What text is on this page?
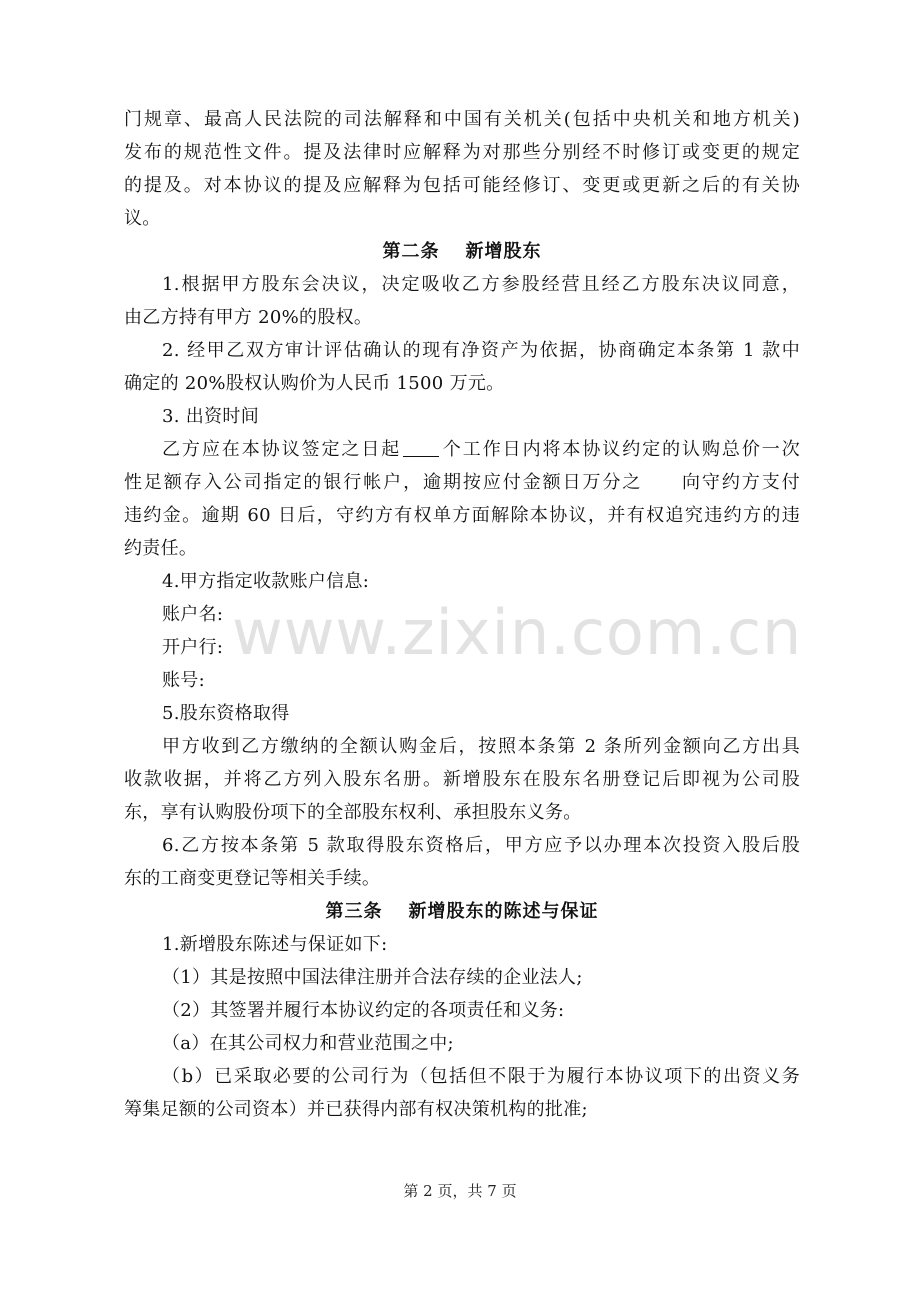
门规章、最高人民法院的司法解释和中国有关机关(包括中央机关和地方机关)
发布的规范性文件。提及法律时应解释为对那些分别经不时修订或变更的规定
的提及。对本协议的提及应解释为包括可能经修订、变更或更新之后的有关协
议。
第二条 新增股东
1.根据甲方股东会决议，决定吸收乙方参股经营且经乙方股东决议同意，
由乙方持有甲方 20%的股权。
2. 经甲乙双方审计评估确认的现有净资产为依据，协商确定本条第 1 款中
确定的 20%股权认购价为人民币 1500 万元。
3. 出资时间
乙方应在本协议签定之日起 个工作日内将本协议约定的认购总价一次
性足额存入公司指定的银行帐户，逾期按应付金额日万分之 向守约方支付
违约金。逾期 60 日后，守约方有权单方面解除本协议，并有权追究违约方的违
约责任。
4.甲方指定收款账户信息:
账户名:
开户行:
账号:
5.股东资格取得
甲方收到乙方缴纳的全额认购金后，按照本条第 2 条所列金额向乙方出具
收款收据，并将乙方列入股东名册。新增股东在股东名册登记后即视为公司股
东，享有认购股份项下的全部股东权利、承担股东义务。
6.乙方按本条第 5 款取得股东资格后，甲方应予以办理本次投资入股后股
东的工商变更登记等相关手续。
第三条 新增股东的陈述与保证
1.新增股东陈述与保证如下:
（1）其是按照中国法律注册并合法存续的企业法人;
（2）其签署并履行本协议约定的各项责任和义务:
（a）在其公司权力和营业范围之中;
（b）已采取必要的公司行为（包括但不限于为履行本协议项下的出资义务
筹集足额的公司资本）并已获得内部有权决策机构的批准;
www.zixin.com.cn
第 2 页，共 7 页
